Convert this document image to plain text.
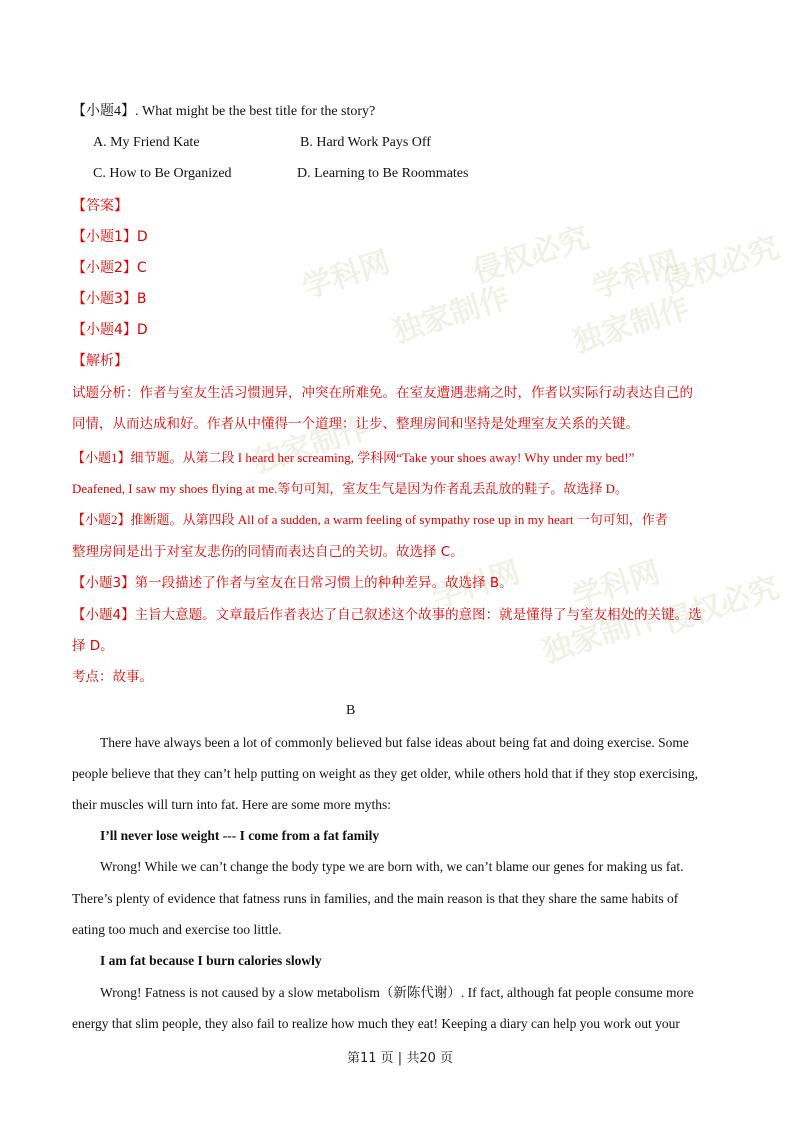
学科网
独家制作
侵权必究
学科网
独家制作
侵权必究
学科网
独家制作
学科网
侵权必究
独家制作
【小题4】. What might be the best title for the story?
A. My Friend Kate	B. Hard Work Pays Off
C. How to Be Organized	D. Learning to Be Roommates
【答案】
【小题1】D
【小题2】C
【小题3】B
【小题4】D
【解析】
试题分析：作者与室友生活习惯迥异，冲突在所难免。在室友遭遇悲痛之时，作者以实际行动表达自己的
同情，从而达成和好。作者从中懂得一个道理：让步、整理房间和坚持是处理室友关系的关键。
【小题1】细节题。从第二段 I heard her screaming, 学科网“Take your shoes away! Why under my bed!”
Deafened, I saw my shoes flying at me.等句可知，室友生气是因为作者乱丢乱放的鞋子。故选择 D。
【小题2】推断题。从第四段 All of a sudden, a warm feeling of sympathy rose up in my heart 一句可知，作者
整理房间是出于对室友悲伤的同情而表达自己的关切。故选择 C。
【小题3】第一段描述了作者与室友在日常习惯上的种种差异。故选择 B。
【小题4】主旨大意题。文章最后作者表达了自己叙述这个故事的意图：就是懂得了与室友相处的关键。选
择 D。
考点：故事。
B
There have always been a lot of commonly believed but false ideas about being fat and doing exercise. Some
people believe that they can’t help putting on weight as they get older, while others hold that if they stop exercising,
their muscles will turn into fat. Here are some more myths:
I’ll never lose weight --- I come from a fat family
Wrong! While we can’t change the body type we are born with, we can’t blame our genes for making us fat.
There’s plenty of evidence that fatness runs in families, and the main reason is that they share the same habits of
eating too much and exercise too little.
I am fat because I burn calories slowly
Wrong! Fatness is not caused by a slow metabolism（新陈代谢）. If fact, although fat people consume more
energy that slim people, they also fail to realize how much they eat! Keeping a diary can help you work out your
第11 页 | 共20 页
